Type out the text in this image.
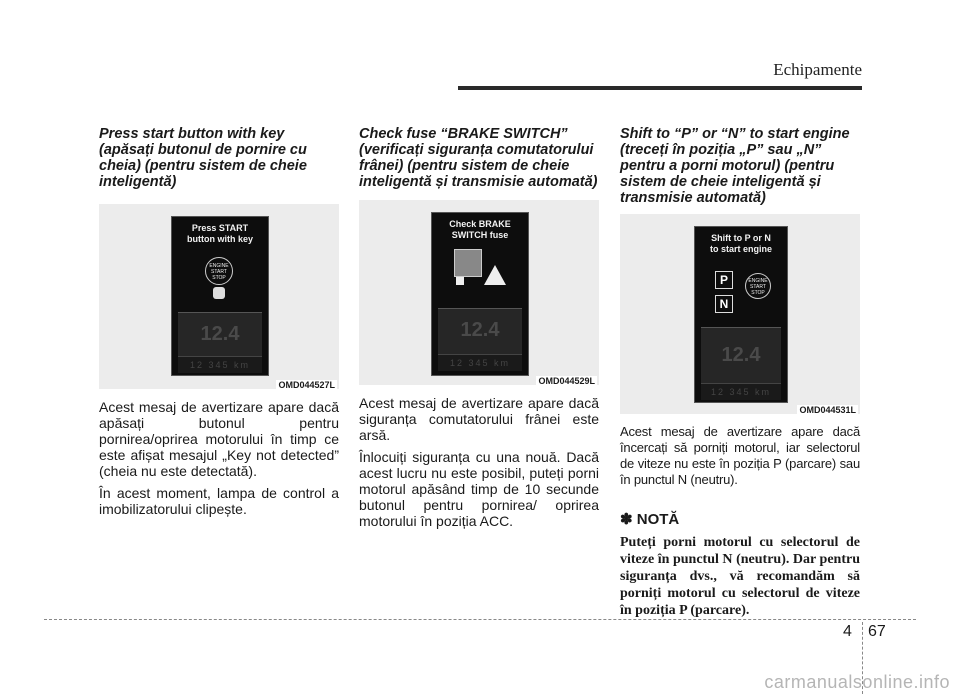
Echipamente

Press start button with key (apăsați butonul de pornire cu cheia) (pentru sistem de cheie inteligentă)

Press START button with key
ENGINE START STOP
12.4
12 345 km
OMD044527L

Acest mesaj de avertizare apare dacă apăsați butonul pentru pornirea/oprirea motorului în timp ce este afișat mesajul „Key not detected” (cheia nu este detectată).

În acest moment, lampa de control a imobilizatorului clipește.

Check fuse “BRAKE SWITCH” (verificați siguranța comutatorului frânei) (pentru sistem de cheie inteligentă și transmisie automată)

Check BRAKE SWITCH fuse
12.4
12 345 km
OMD044529L

Acest mesaj de avertizare apare dacă siguranța comutatorului frânei este arsă.

Înlocuiți siguranța cu una nouă. Dacă acest lucru nu este posibil, puteți porni motorul apăsând timp de 10 secunde butonul pentru pornirea/ oprirea motorului în poziția ACC.

Shift to “P” or “N” to start engine (treceți în poziția „P” sau „N” pentru a porni motorul) (pentru sistem de cheie inteligentă și transmisie automată)

Shift to P or N to start engine
P
N
ENGINE START STOP
12.4
12 345 km
OMD044531L

Acest mesaj de avertizare apare dacă încercați să porniți motorul, iar selectorul de viteze nu este în poziția P (parcare) sau în punctul N (neutru).

✽ NOTĂ

Puteți porni motorul cu selectorul de viteze în punctul N (neutru). Dar pentru siguranța dvs., vă recomandăm să porniți motorul cu selectorul de viteze în poziția P (parcare).

4 67
carmanualsonline.info
